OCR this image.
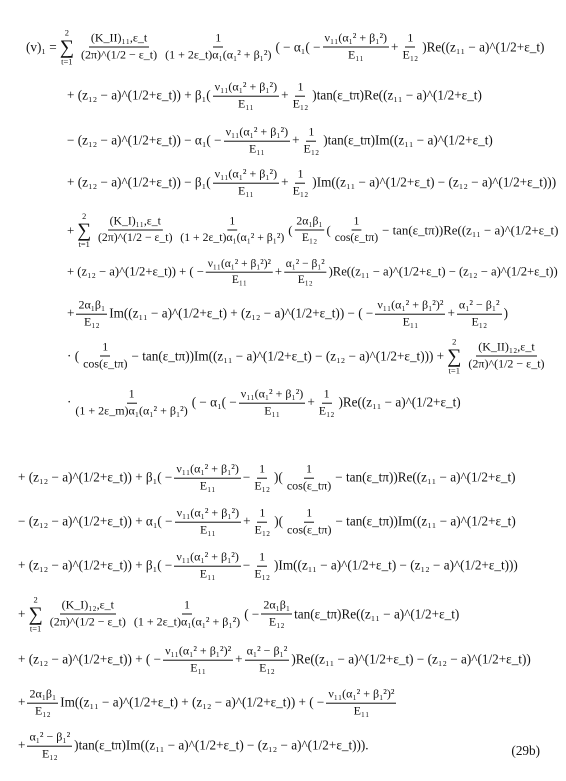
(v)₁ =
2
∑
$t=1 \frac{\text{(K\_II)₁₁,ε\_t}}{(2\pi)\^{}(1/2 - \varepsilon\_t)} \frac{1}{\text{(1 + 2ε\_t)α₁(α₁² + β₁²)}}$ ( − $\alpha_1( - \frac{\text{ν₁₁(α₁² + β₁²)}}{\text{E₁₁}} + \frac{1}{\text{E₁₂}} )Re((z_{11}$ − a)^(1/2+ε_t)
+ (z₁₂ − a)^(1/2+ε_t)) + $\beta_1( \frac{\text{ν₁₁(α₁² + β₁²)}}{\text{E₁₁}} + \frac{1}{\text{E₁₂}}$ )tan(ε_tπ)Re((z₁₁ − a)^(1/2+ε_t)
− (z₁₂ − a)^(1/2+ε_t)) − $\alpha_1( - \frac{\text{ν₁₁(α₁² + β₁²)}}{\text{E₁₁}} + \frac{1}{\text{E₁₂}}$ )tan(ε_tπ)Im((z₁₁ − a)^(1/2+ε_t)
+ (z₁₂ − a)^(1/2+ε_t)) − $\beta_1( \frac{\text{ν₁₁(α₁² + β₁²)}}{\text{E₁₁}} + \frac{1}{\text{E₁₂}} )Im((z_{11}$ − a)^(1/2+ε_t) − (z₁₂ − a)^(1/2+ε_t)))
+
2
∑
$t=1 \frac{\text{(K\_I)₁₁,ε\_t}}{(2\pi)\^{}(1/2 - \varepsilon\_t)} \frac{1}{\text{(1 + 2ε\_t)α₁(α₁² + β₁²)}}$ ( $\frac{\text{2α₁β₁}}{\text{E₁₂}}$ ( $\frac{1}{\cos(\varepsilon\_t\pi)}$ − tan(ε_tπ))Re((z₁₁ − a)^(1/2+ε_t)
+ (z₁₂ − a)^(1/2+ε_t)) + ( − $\frac{\text{ν₁₁(α₁² + β₁²)²}}{\text{E₁₁}} + \frac{\text{α₁² − β₁²}}{\text{E₁₂}} )Re((z_{11}$ − a)^(1/2+ε_t) − (z₁₂ − a)^(1/2+ε_t))
+ $\frac{\text{2α₁β₁}}{\text{E₁₂}} Im((z_{11}$ − a)^(1/2+ε_t) + (z₁₂ − a)^(1/2+ε_t)) − ( − $\frac{\text{ν₁₁(α₁² + β₁²)²}}{\text{E₁₁}} + \frac{\text{α₁² − β₁²}}{\text{E₁₂}}$ )
· ( $\frac{1}{\cos(\varepsilon\_t\pi)}$ − tan(ε_tπ))Im((z₁₁ − a)^(1/2+ε_t) − (z₁₂ − a)^(1/2+ε_t))) +
2
∑
$t=1 \frac{\text{(K\_II)₁₂,ε\_t}}{(2\pi)\^{}(1/2 - \varepsilon\_t)}$
· $\frac{1}{\text{(1 + 2ε\_m)α₁(α₁² + β₁²)}}$ ( − $\alpha_1( - \frac{\text{ν₁₁(α₁² + β₁²)}}{\text{E₁₁}} + \frac{1}{\text{E₁₂}} )Re((z_{11}$ − a)^(1/2+ε_t)
+ (z₁₂ − a)^(1/2+ε_t)) + $\beta_1( - \frac{\text{ν₁₁(α₁² + β₁²)}}{\text{E₁₁}} - \frac{1}{\text{E₁₂}}$ )( $\frac{1}{\cos(\varepsilon\_t\pi)}$ − tan(ε_tπ))Re((z₁₁ − a)^(1/2+ε_t)
− (z₁₂ − a)^(1/2+ε_t)) + $\alpha_1( - \frac{\text{ν₁₁(α₁² + β₁²)}}{\text{E₁₁}} + \frac{1}{\text{E₁₂}}$ )( $\frac{1}{\cos(\varepsilon\_t\pi)}$ − tan(ε_tπ))Im((z₁₁ − a)^(1/2+ε_t)
+ (z₁₂ − a)^(1/2+ε_t)) + $\beta_1( - \frac{\text{ν₁₁(α₁² + β₁²)}}{\text{E₁₁}} - \frac{1}{\text{E₁₂}} )Im((z_{11}$ − a)^(1/2+ε_t) − (z₁₂ − a)^(1/2+ε_t)))
+
2
∑
$t=1 \frac{\text{(K\_I)₁₂,ε\_t}}{(2\pi)\^{}(1/2 - \varepsilon\_t)} \frac{1}{\text{(1 + 2ε\_t)α₁(α₁² + β₁²)}}$ ( − $\frac{\text{2α₁β₁}}{\text{E₁₂}}$ tan(ε_tπ)Re((z₁₁ − a)^(1/2+ε_t)
+ (z₁₂ − a)^(1/2+ε_t)) + ( − $\frac{\text{ν₁₁(α₁² + β₁²)²}}{\text{E₁₁}} + \frac{\text{α₁² − β₁²}}{\text{E₁₂}} )Re((z_{11}$ − a)^(1/2+ε_t) − (z₁₂ − a)^(1/2+ε_t))
+ $\frac{\text{2α₁β₁}}{\text{E₁₂}} Im((z_{11}$ − a)^(1/2+ε_t) + (z₁₂ − a)^(1/2+ε_t)) + ( − $\frac{\text{ν₁₁(α₁² + β₁²)²}}{\text{E₁₁}}$
+ $\frac{\text{α₁² − β₁²}}{\text{E₁₂}}$ )tan(ε_tπ)Im((z₁₁ − a)^(1/2+ε_t) − (z₁₂ − a)^(1/2+ε_t))).	(29b)
